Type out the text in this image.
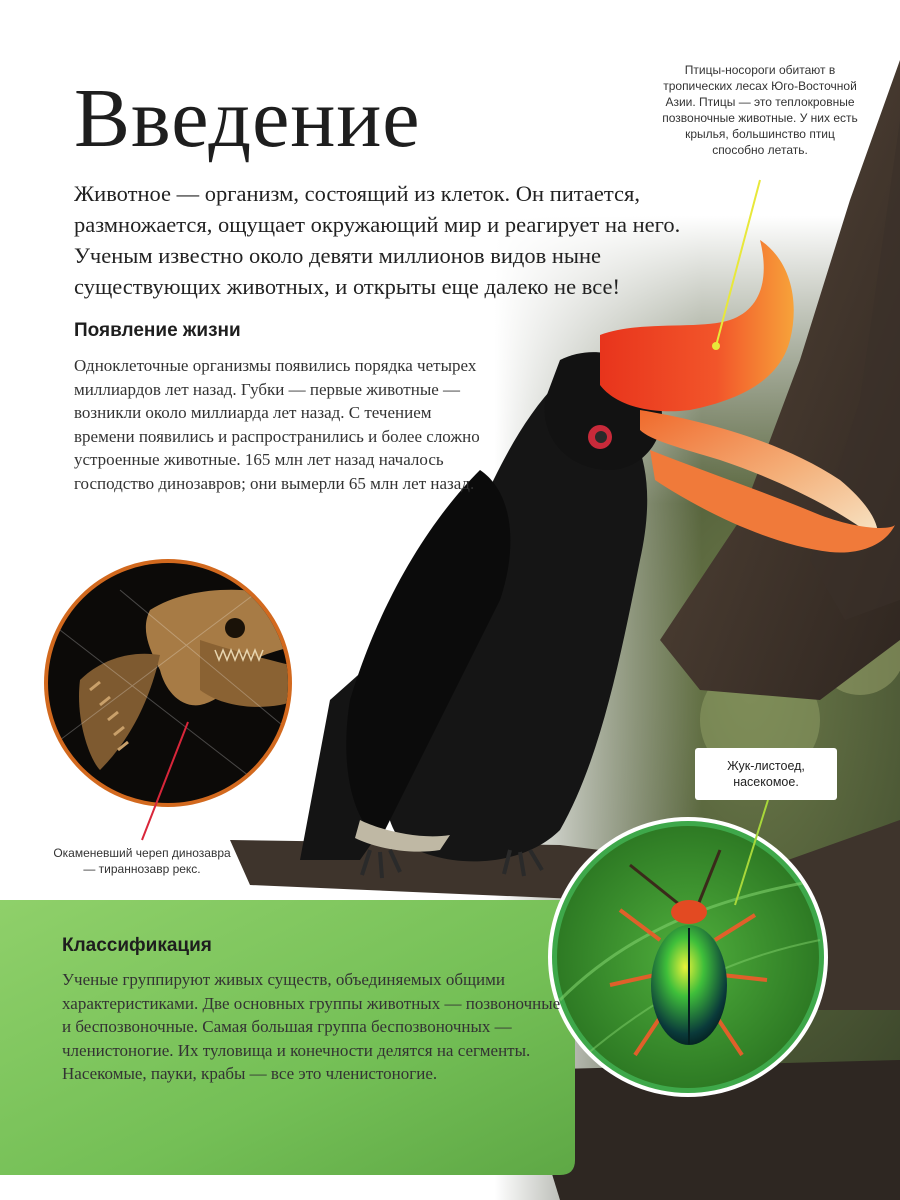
Введение

Животное — организм, состоящий из клеток. Он питается, размножается, ощущает окружающий мир и реагирует на него. Ученым известно около девяти миллионов видов ныне существующих животных, и открыты еще далеко не все!

Появление жизни

Одноклеточные организмы появились порядка четырех миллиардов лет назад. Губки — первые животные — возникли около миллиарда лет назад. С течением времени появились и распространились и более сложно устроенные животные. 165 млн лет назад началось господство динозавров; они вымерли 65 млн лет назад.

Классификация

Ученые группируют живых существ, объединяемых общими характеристиками. Две основных группы животных — позвоночные и беспозвоночные. Самая большая группа беспозвоночных — членистоногие. Их туловища и конечности делятся на сегменты. Насекомые, пауки, крабы — все это членистоногие.

Птицы-носороги обитают в тропических лесах Юго-Восточной Азии. Птицы — это теплокровные позвоночные животные. У них есть крылья, большинство птиц способно летать.

Окаменевший череп динозавра — тираннозавр рекс.

Жук-листоед, насекомое.
